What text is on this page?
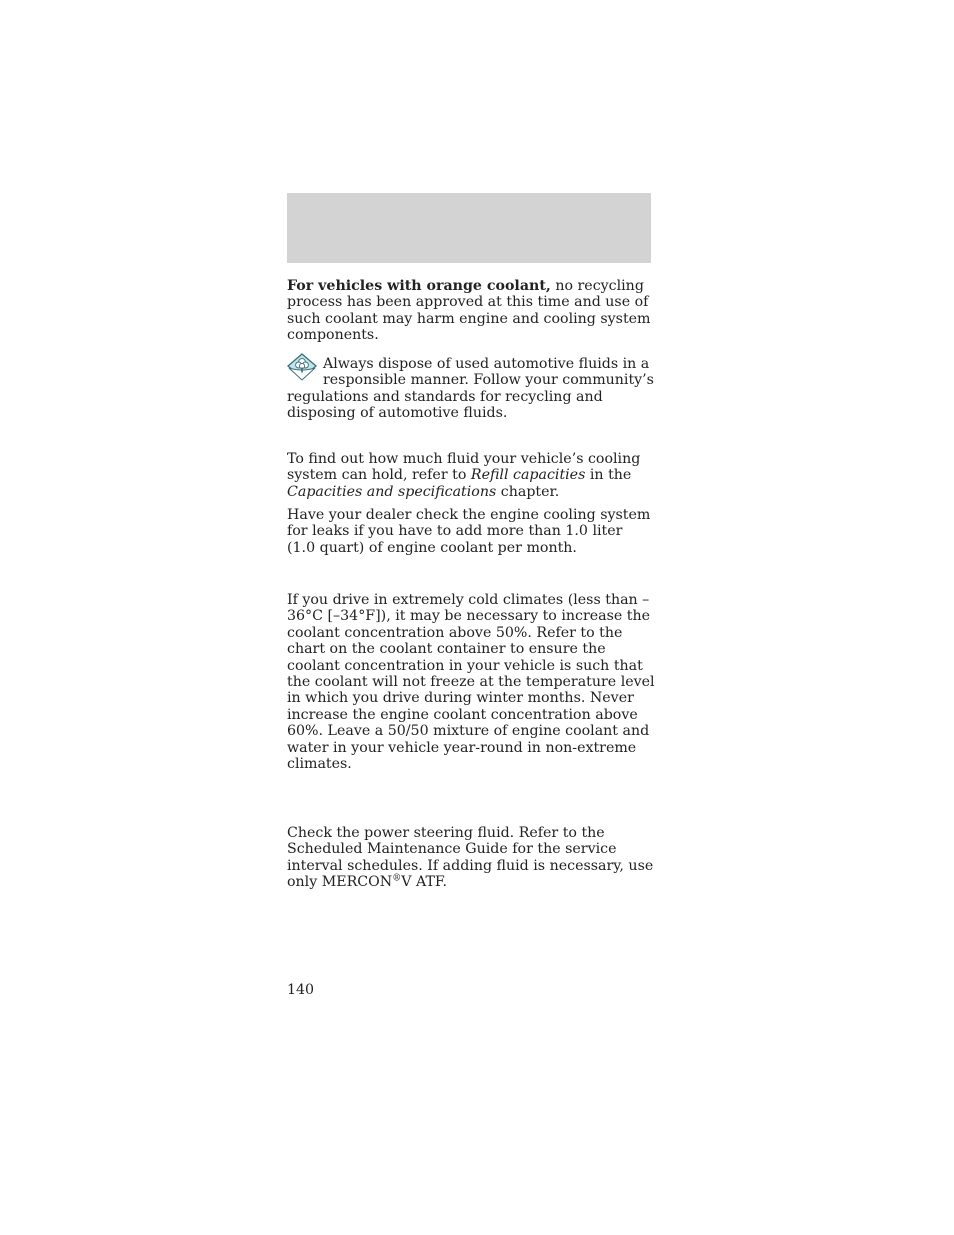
For vehicles with orange coolant, no recycling process has been approved at this time and use of such coolant may harm engine and cooling system components.

Always dispose of used automotive fluids in a responsible manner. Follow your community’s regulations and standards for recycling and disposing of automotive fluids.

To find out how much fluid your vehicle’s cooling system can hold, refer to Refill capacities in the Capacities and specifications chapter.

Have your dealer check the engine cooling system for leaks if you have to add more than 1.0 liter (1.0 quart) of engine coolant per month.

If you drive in extremely cold climates (less than –36°C [–34°F]), it may be necessary to increase the coolant concentration above 50%. Refer to the chart on the coolant container to ensure the coolant concentration in your vehicle is such that the coolant will not freeze at the temperature level in which you drive during winter months. Never increase the engine coolant concentration above 60%. Leave a 50/50 mixture of engine coolant and water in your vehicle year-round in non-extreme climates.

Check the power steering fluid. Refer to the Scheduled Maintenance Guide for the service interval schedules. If adding fluid is necessary, use only MERCON®V ATF.

140
